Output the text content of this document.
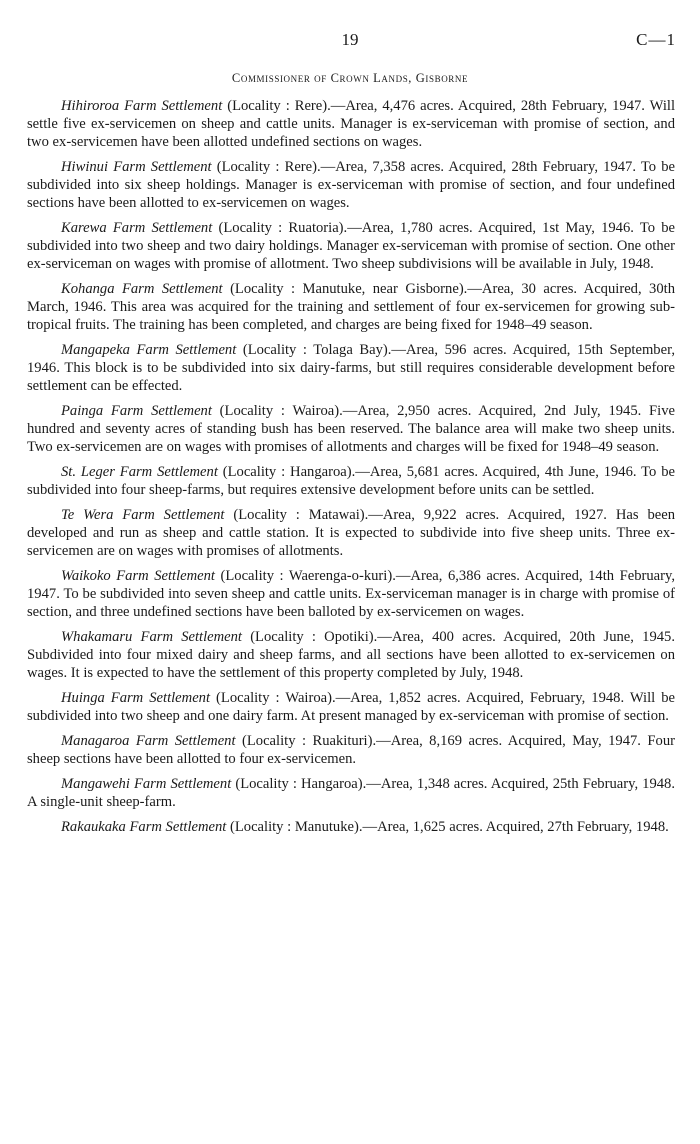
19	C—1
Commissioner of Crown Lands, Gisborne

Hihiroroa Farm Settlement (Locality : Rere).—Area, 4,476 acres. Acquired, 28th February, 1947. Will settle five ex-servicemen on sheep and cattle units. Manager is ex-serviceman with promise of section, and two ex-servicemen have been allotted undefined sections on wages.

Hiwinui Farm Settlement (Locality : Rere).—Area, 7,358 acres. Acquired, 28th February, 1947. To be subdivided into six sheep holdings. Manager is ex-serviceman with promise of section, and four undefined sections have been allotted to ex-servicemen on wages.

Karewa Farm Settlement (Locality : Ruatoria).—Area, 1,780 acres. Acquired, 1st May, 1946. To be subdivided into two sheep and two dairy holdings. Manager ex-serviceman with promise of section. One other ex-serviceman on wages with promise of allotment. Two sheep subdivisions will be available in July, 1948.

Kohanga Farm Settlement (Locality : Manutuke, near Gisborne).—Area, 30 acres. Acquired, 30th March, 1946. This area was acquired for the training and settlement of four ex-servicemen for growing sub-tropical fruits. The training has been completed, and charges are being fixed for 1948–49 season.

Mangapeka Farm Settlement (Locality : Tolaga Bay).—Area, 596 acres. Acquired, 15th September, 1946. This block is to be subdivided into six dairy-farms, but still requires considerable development before settlement can be effected.

Painga Farm Settlement (Locality : Wairoa).—Area, 2,950 acres. Acquired, 2nd July, 1945. Five hundred and seventy acres of standing bush has been reserved. The balance area will make two sheep units. Two ex-servicemen are on wages with promises of allotments and charges will be fixed for 1948–49 season.

St. Leger Farm Settlement (Locality : Hangaroa).—Area, 5,681 acres. Acquired, 4th June, 1946. To be subdivided into four sheep-farms, but requires extensive development before units can be settled.

Te Wera Farm Settlement (Locality : Matawai).—Area, 9,922 acres. Acquired, 1927. Has been developed and run as sheep and cattle station. It is expected to subdivide into five sheep units. Three ex-servicemen are on wages with promises of allotments.

Waikoko Farm Settlement (Locality : Waerenga-o-kuri).—Area, 6,386 acres. Acquired, 14th February, 1947. To be subdivided into seven sheep and cattle units. Ex-serviceman manager is in charge with promise of section, and three undefined sections have been balloted by ex-servicemen on wages.

Whakamaru Farm Settlement (Locality : Opotiki).—Area, 400 acres. Acquired, 20th June, 1945. Subdivided into four mixed dairy and sheep farms, and all sections have been allotted to ex-servicemen on wages. It is expected to have the settlement of this property completed by July, 1948.

Huinga Farm Settlement (Locality : Wairoa).—Area, 1,852 acres. Acquired, February, 1948. Will be subdivided into two sheep and one dairy farm. At present managed by ex-serviceman with promise of section.

Managaroa Farm Settlement (Locality : Ruakituri).—Area, 8,169 acres. Acquired, May, 1947. Four sheep sections have been allotted to four ex-servicemen.

Mangawehi Farm Settlement (Locality : Hangaroa).—Area, 1,348 acres. Acquired, 25th February, 1948. A single-unit sheep-farm.

Rakaukaka Farm Settlement (Locality : Manutuke).—Area, 1,625 acres. Acquired, 27th February, 1948.
